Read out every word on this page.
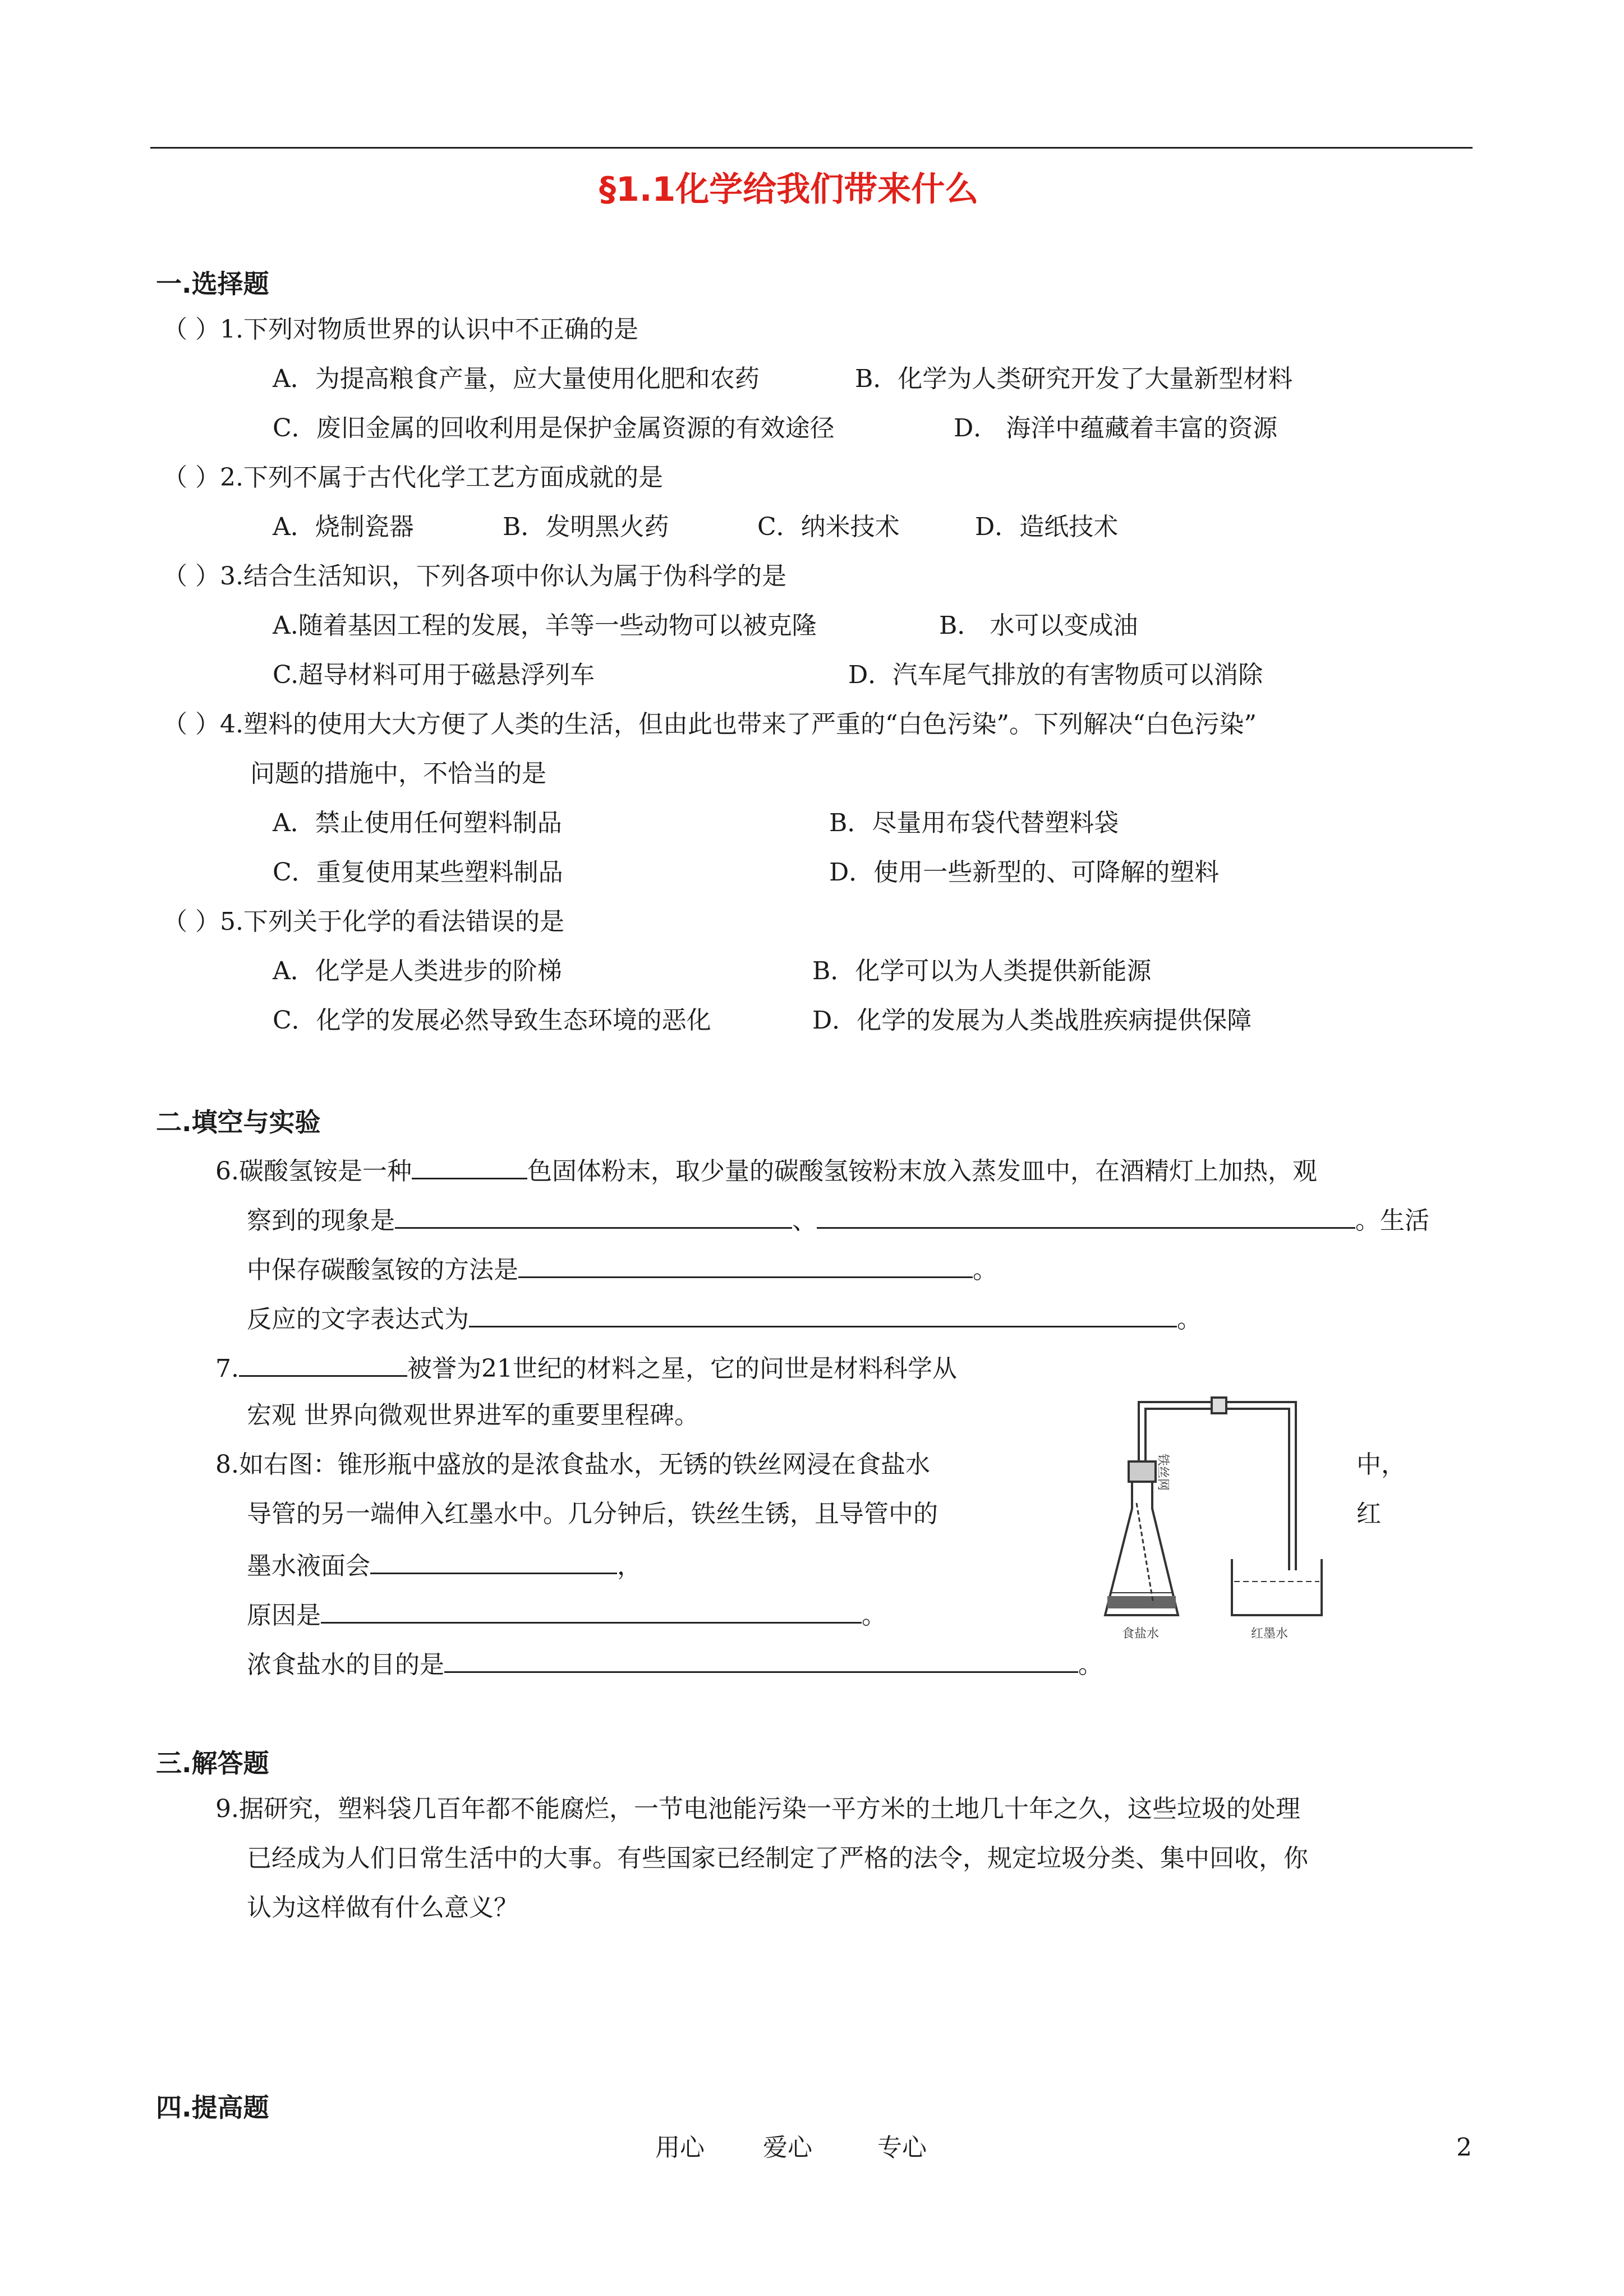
§1.1化学给我们带来什么
一.选择题
（ ）1.下列对物质世界的认识中不正确的是
A．为提高粮食产量，应大量使用化肥和农药	B．化学为人类研究开发了大量新型材料
C．废旧金属的回收利用是保护金属资源的有效途径	D． 海洋中蕴藏着丰富的资源
（ ）2.下列不属于古代化学工艺方面成就的是
A．烧制瓷器	B．发明黑火药	C．纳米技术	D．造纸技术
（ ）3.结合生活知识，下列各项中你认为属于伪科学的是
A.随着基因工程的发展，羊等一些动物可以被克隆	B． 水可以变成油
C.超导材料可用于磁悬浮列车	D．汽车尾气排放的有害物质可以消除
（ ）4.塑料的使用大大方便了人类的生活，但由此也带来了严重的“白色污染”。下列解决“白色污染”
问题的措施中，不恰当的是
A．禁止使用任何塑料制品	B．尽量用布袋代替塑料袋
C．重复使用某些塑料制品	D．使用一些新型的、可降解的塑料
（ ）5.下列关于化学的看法错误的是
A．化学是人类进步的阶梯	B．化学可以为人类提供新能源
C．化学的发展必然导致生态环境的恶化	D．化学的发展为人类战胜疾病提供保障
二.填空与实验
6.碳酸氢铵是一种	色固体粉末，取少量的碳酸氢铵粉末放入蒸发皿中，在酒精灯上加热，观
察到的现象是	、	。生活
中保存碳酸氢铵的方法是	。
反应的文字表达式为	。
7.	被誉为21世纪的材料之星，它的问世是材料科学从
宏观 世界向微观世界进军的重要里程碑。
8.如右图：锥形瓶中盛放的是浓食盐水，无锈的铁丝网浸在食盐水	中，
导管的另一端伸入红墨水中。几分钟后，铁丝生锈，且导管中的	红
墨水液面会	，
原因是	。
浓食盐水的目的是	。
铁丝网
食盐水	红墨水
三.解答题
9.据研究，塑料袋几百年都不能腐烂，一节电池能污染一平方米的土地几十年之久，这些垃圾的处理
已经成为人们日常生活中的大事。有些国家已经制定了严格的法令，规定垃圾分类、集中回收，你
认为这样做有什么意义？
四.提高题
用心 爱心	专心	2
